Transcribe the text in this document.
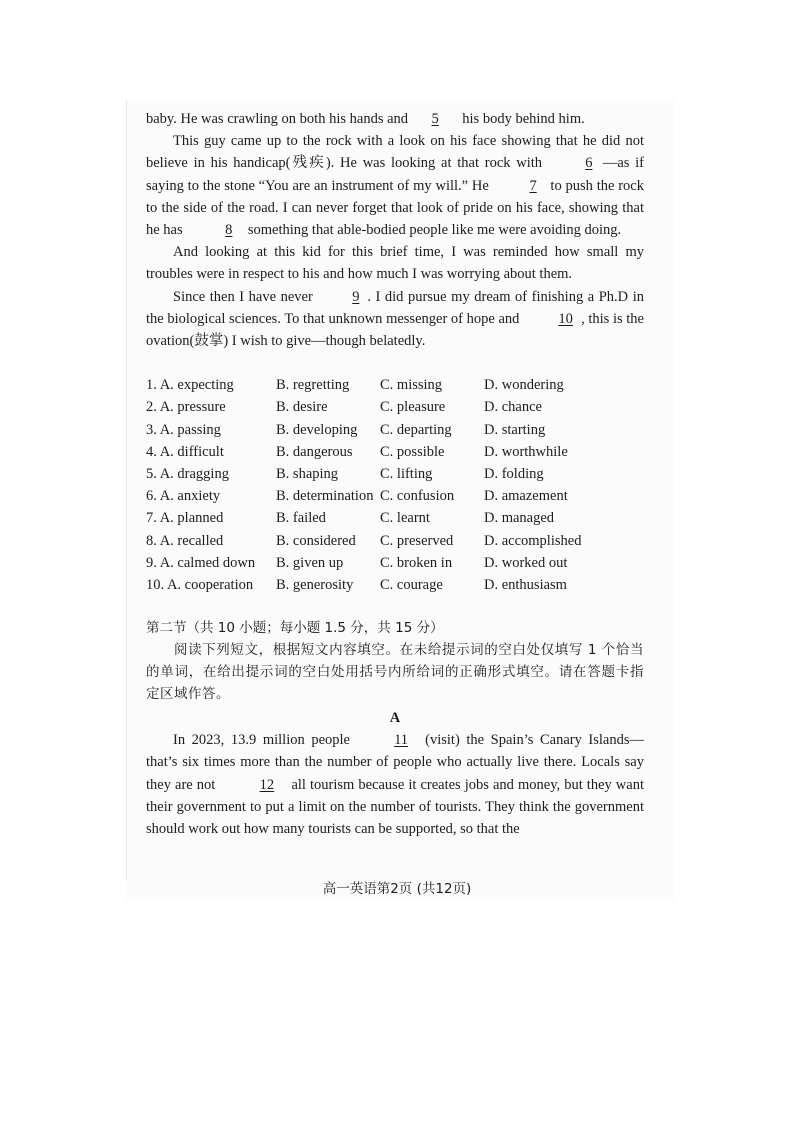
baby. He was crawling on both his hands and 5 his body behind him.

This guy came up to the rock with a look on his face showing that he did not believe in his handicap(残疾). He was looking at that rock with	6 —as if saying to the stone “You are an instrument of my will.” He	7 to push the rock to the side of the road. I can never forget that look of pride on his face, showing that he has	8 something that able-bodied people like me were avoiding doing.

And looking at this kid for this brief time, I was reminded how small my troubles were in respect to his and how much I was worrying about them.

Since then I have never 9 . I did pursue my dream of finishing a Ph.D in the biological sciences. To that unknown messenger of hope and 10 , this is the ovation(鼓掌) I wish to give—though belatedly.

1. A. expecting	B. regretting	C. missing	D. wondering
2. A. pressure	B. desire	C. pleasure	D. chance
3. A. passing	B. developing	C. departing	D. starting
4. A. difficult	B. dangerous	C. possible	D. worthwhile
5. A. dragging	B. shaping	C. lifting	D. folding
6. A. anxiety	B. determination C. confusion	D. amazement
7. A. planned	B. failed	C. learnt	D. managed
8. A. recalled	B. considered	C. preserved	D. accomplished
9. A. calmed down	B. given up	C. broken in	D. worked out
10. A. cooperation	B. generosity	C. courage	D. enthusiasm
第二节（共 10 小题；每小题 1.5 分，共 15 分）

阅读下列短文，根据短文内容填空。在未给提示词的空白处仅填写 1 个恰当的单词，在给出提示词的空白处用括号内所给词的正确形式填空。请在答题卡指定区域作答。

A

In 2023, 13.9 million people	11 (visit) the Spain’s Canary Islands—that’s six times more than the number of people who actually live there. Locals say they are not	12 all tourism because it creates jobs and money, but they want their government to put a limit on the number of tourists. They think the government should work out how many tourists can be supported, so that the

高一英语第2页 (共12页)
